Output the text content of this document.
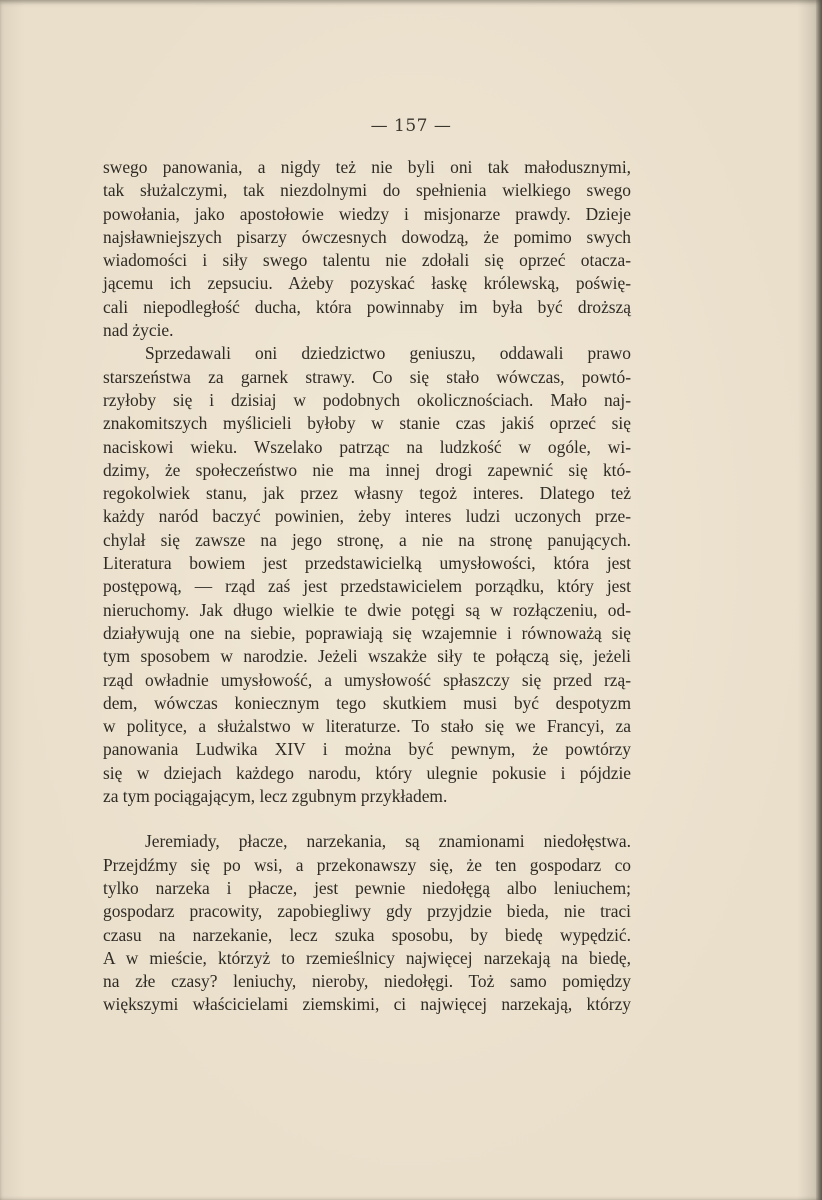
— 157 —
swego panowania, a nigdy też nie byli oni tak małodusznymi,
tak służalczymi, tak niezdolnymi do spełnienia wielkiego swego
powołania, jako apostołowie wiedzy i misjonarze prawdy. Dzieje
najsławniejszych pisarzy ówczesnych dowodzą, że pomimo swych
wiadomości i siły swego talentu nie zdołali się oprzeć otacza-
jącemu ich zepsuciu. Ażeby pozyskać łaskę królewską, poświę-
cali niepodległość ducha, która powinnaby im była być droższą
nad życie.
Sprzedawali oni dziedzictwo geniuszu, oddawali prawo
starszeństwa za garnek strawy. Co się stało wówczas, powtó-
rzyłoby się i dzisiaj w podobnych okolicznościach. Mało naj-
znakomitszych myślicieli byłoby w stanie czas jakiś oprzeć się
naciskowi wieku. Wszelako patrząc na ludzkość w ogóle, wi-
dzimy, że społeczeństwo nie ma innej drogi zapewnić się któ-
regokolwiek stanu, jak przez własny tegoż interes. Dlatego też
każdy naród baczyć powinien, żeby interes ludzi uczonych prze-
chylał się zawsze na jego stronę, a nie na stronę panujących.
Literatura bowiem jest przedstawicielką umysłowości, która jest
postępową, — rząd zaś jest przedstawicielem porządku, który jest
nieruchomy. Jak długo wielkie te dwie potęgi są w rozłączeniu, od-
działywują one na siebie, poprawiają się wzajemnie i równoważą się
tym sposobem w narodzie. Jeżeli wszakże siły te połączą się, jeżeli
rząd owładnie umysłowość, a umysłowość spłaszczy się przed rzą-
dem, wówczas koniecznym tego skutkiem musi być despotyzm
w polityce, a służalstwo w literaturze. To stało się we Francyi, za
panowania Ludwika XIV i można być pewnym, że powtórzy
się w dziejach każdego narodu, który ulegnie pokusie i pójdzie
za tym pociągającym, lecz zgubnym przykładem.
Jeremiady, płacze, narzekania, są znamionami niedołęstwa.
Przejdźmy się po wsi, a przekonawszy się, że ten gospodarz co
tylko narzeka i płacze, jest pewnie niedołęgą albo leniuchem;
gospodarz pracowity, zapobiegliwy gdy przyjdzie bieda, nie traci
czasu na narzekanie, lecz szuka sposobu, by biedę wypędzić.
A w mieście, którzyż to rzemieślnicy najwięcej narzekają na biedę,
na złe czasy? leniuchy, nieroby, niedołęgi. Toż samo pomiędzy
większymi właścicielami ziemskimi, ci najwięcej narzekają, którzy
